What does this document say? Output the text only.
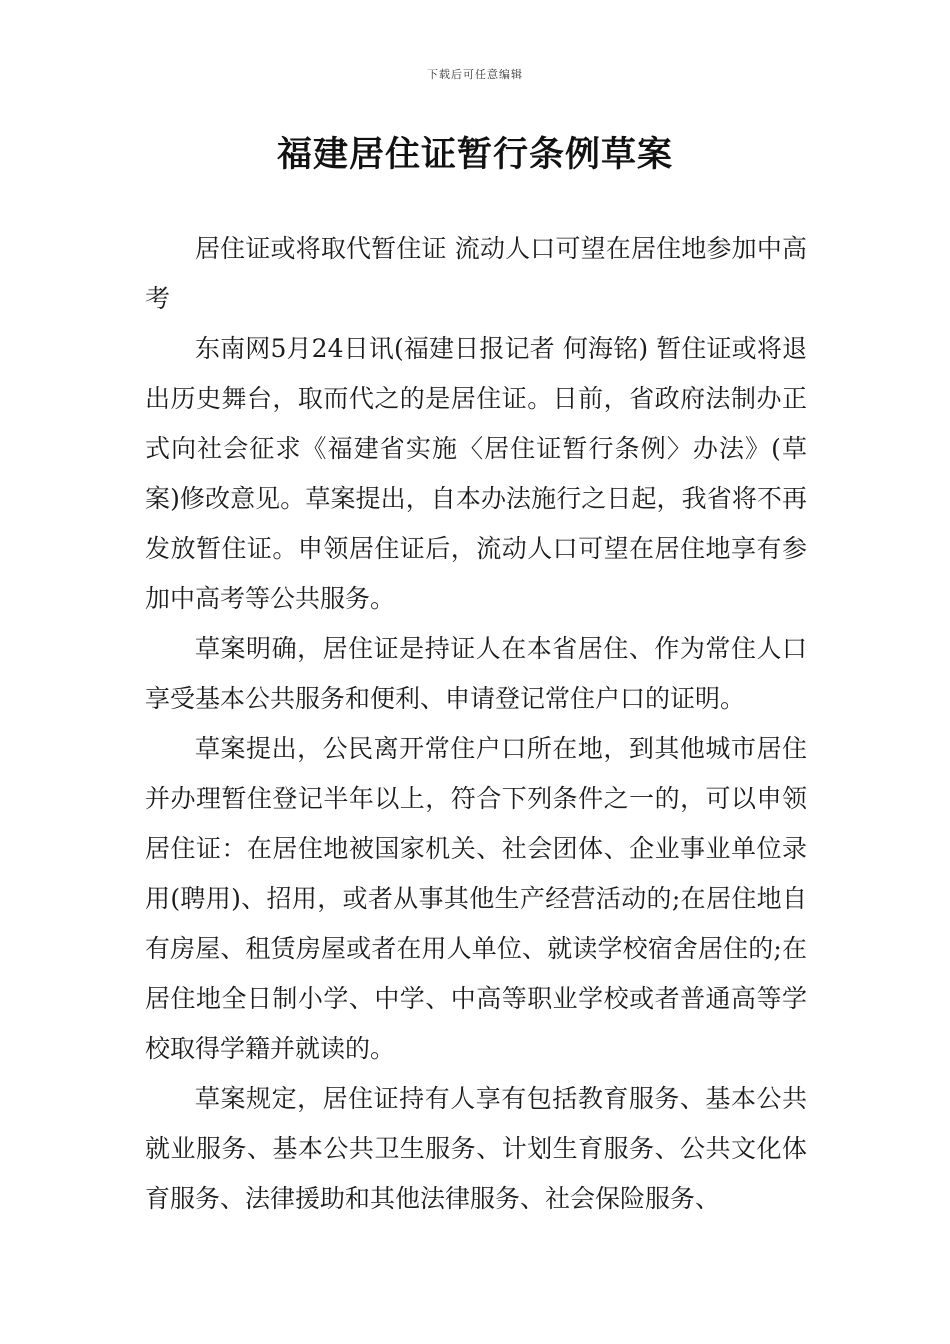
下载后可任意编辑
福建居住证暂行条例草案

居住证或将取代暂住证 流动人口可望在居住地参加中高考

东南网5月24日讯(福建日报记者 何海铭) 暂住证或将退出历史舞台，取而代之的是居住证。日前，省政府法制办正式向社会征求《福建省实施〈居住证暂行条例〉办法》(草案)修改意见。草案提出，自本办法施行之日起，我省将不再发放暂住证。申领居住证后，流动人口可望在居住地享有参加中高考等公共服务。

草案明确，居住证是持证人在本省居住、作为常住人口享受基本公共服务和便利、申请登记常住户口的证明。

草案提出，公民离开常住户口所在地，到其他城市居住并办理暂住登记半年以上，符合下列条件之一的，可以申领居住证：在居住地被国家机关、社会团体、企业事业单位录用(聘用)、招用，或者从事其他生产经营活动的;在居住地自有房屋、租赁房屋或者在用人单位、就读学校宿舍居住的;在居住地全日制小学、中学、中高等职业学校或者普通高等学校取得学籍并就读的。

草案规定，居住证持有人享有包括教育服务、基本公共就业服务、基本公共卫生服务、计划生育服务、公共文化体育服务、法律援助和其他法律服务、社会保险服务、
